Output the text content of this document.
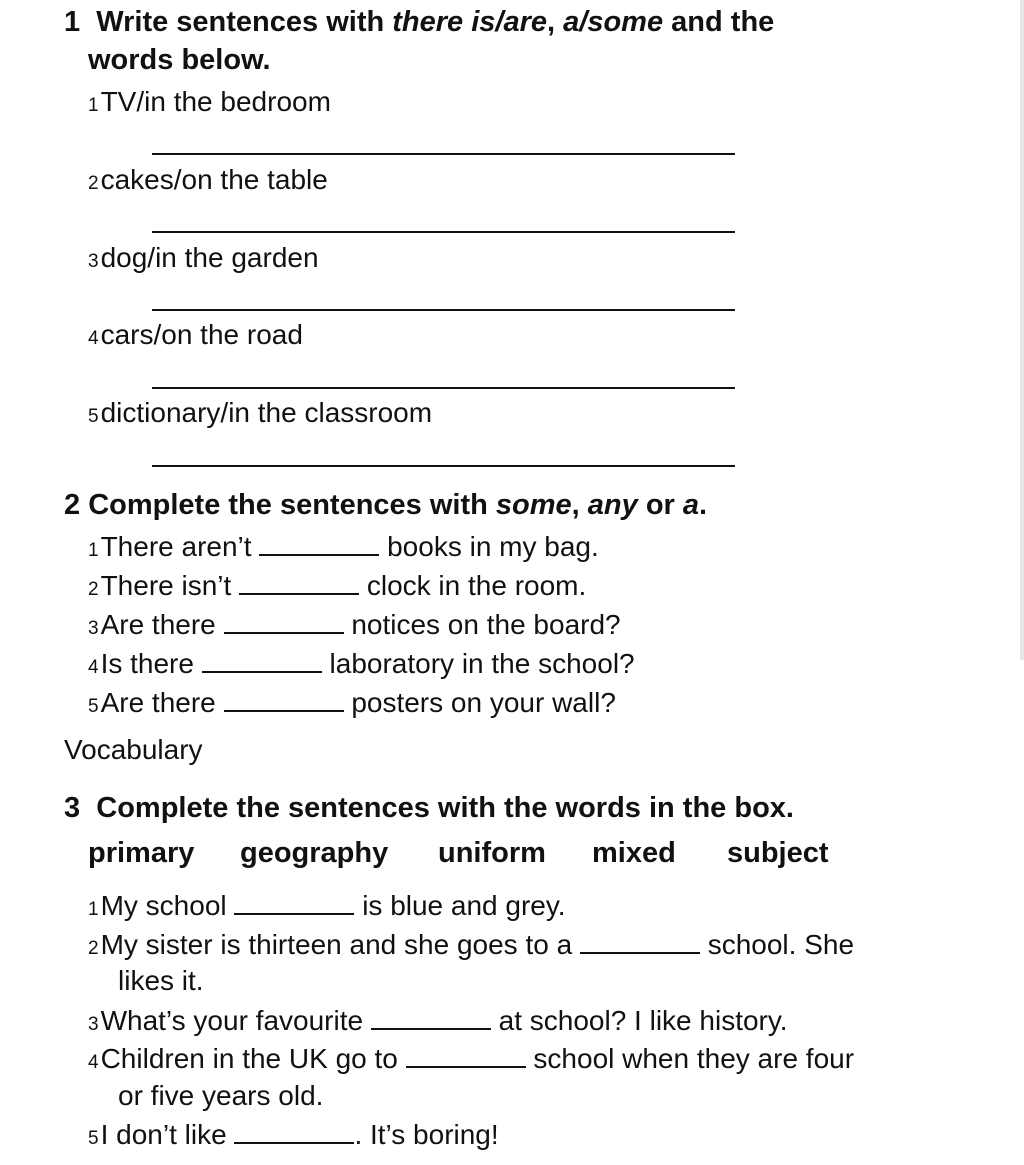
1 Write sentences with there is/are, a/some and the
words below.
1TV/in the bedroom
2cakes/on the table
3dog/in the garden
4cars/on the road
5dictionary/in the classroom
2 Complete the sentences with some, any or a.
1There aren’t	books in my bag.
2There isn’t	clock in the room.
3Are there	notices on the board?
4Is there	laboratory in the school?
5Are there	posters on your wall?
Vocabulary
3 Complete the sentences with the words in the box.
primary geography uniform mixed subject
1My school	is blue and grey.
2My sister is thirteen and she goes to a	school. She
likes it.
3What’s your favourite	at school? I like history.
4Children in the UK go to	school when they are four
or five years old.
5I don’t like	. It’s boring!
